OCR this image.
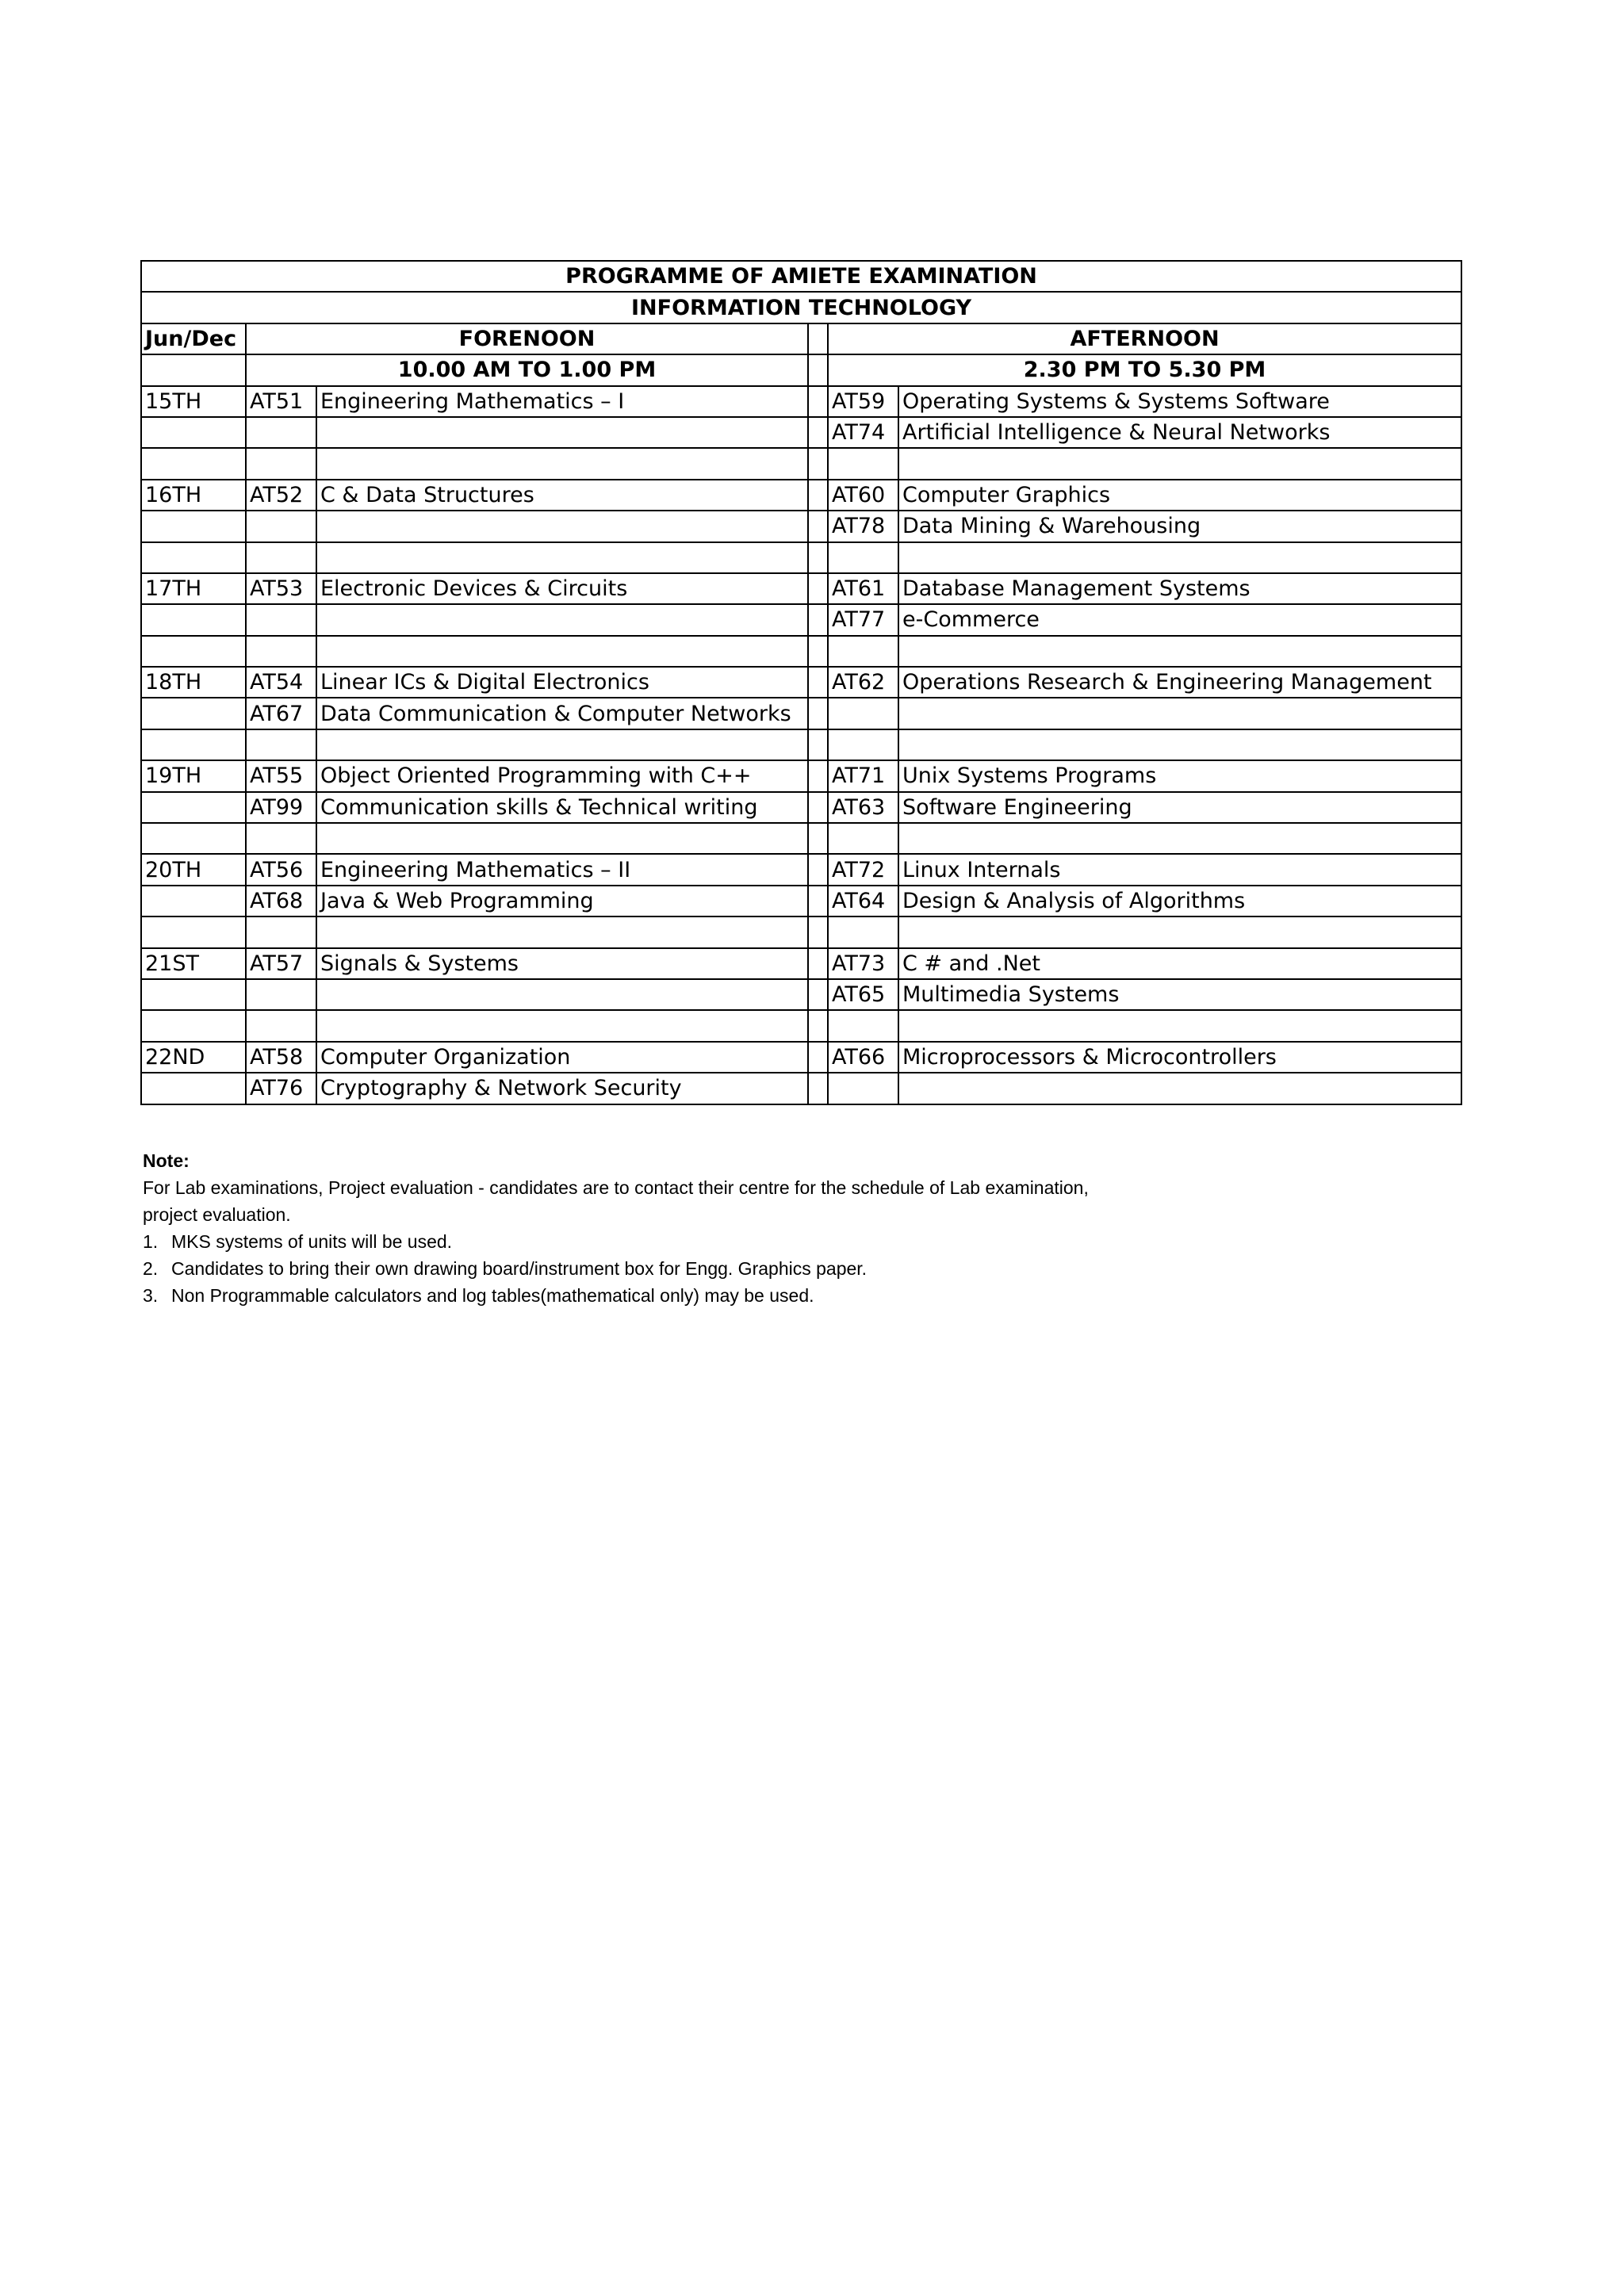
PROGRAMME OF AMIETE EXAMINATION					
INFORMATION TECHNOLOGY					
Jun/Dec	FORENOON			AFTERNOON	
	10.00 AM TO 1.00 PM			2.30 PM TO 5.30 PM	
15TH	AT51	Engineering Mathematics – I		AT59	Operating Systems & Systems Software
				AT74	Artificial Intelligence & Neural Networks

16TH	AT52	C & Data Structures		AT60	Computer Graphics
				AT78	Data Mining & Warehousing

17TH	AT53	Electronic Devices & Circuits		AT61	Database Management Systems
				AT77	e-Commerce

18TH	AT54	Linear ICs & Digital Electronics		AT62	Operations Research & Engineering Management
	AT67	Data Communication & Computer Networks			

19TH	AT55	Object Oriented Programming with C++		AT71	Unix Systems Programs
	AT99	Communication skills & Technical writing		AT63	Software Engineering

20TH	AT56	Engineering Mathematics – II		AT72	Linux Internals
	AT68	Java & Web Programming		AT64	Design & Analysis of Algorithms

21ST	AT57	Signals & Systems		AT73	C # and .Net
				AT65	Multimedia Systems

22ND	AT58	Computer Organization		AT66	Microprocessors & Microcontrollers
	AT76	Cryptography & Network Security			
Note:
For Lab examinations, Project evaluation - candidates are to contact their centre for the schedule of Lab examination,
project evaluation.
1. MKS systems of units will be used.
2. Candidates to bring their own drawing board/instrument box for Engg. Graphics paper.
3. Non Programmable calculators and log tables(mathematical only) may be used.
